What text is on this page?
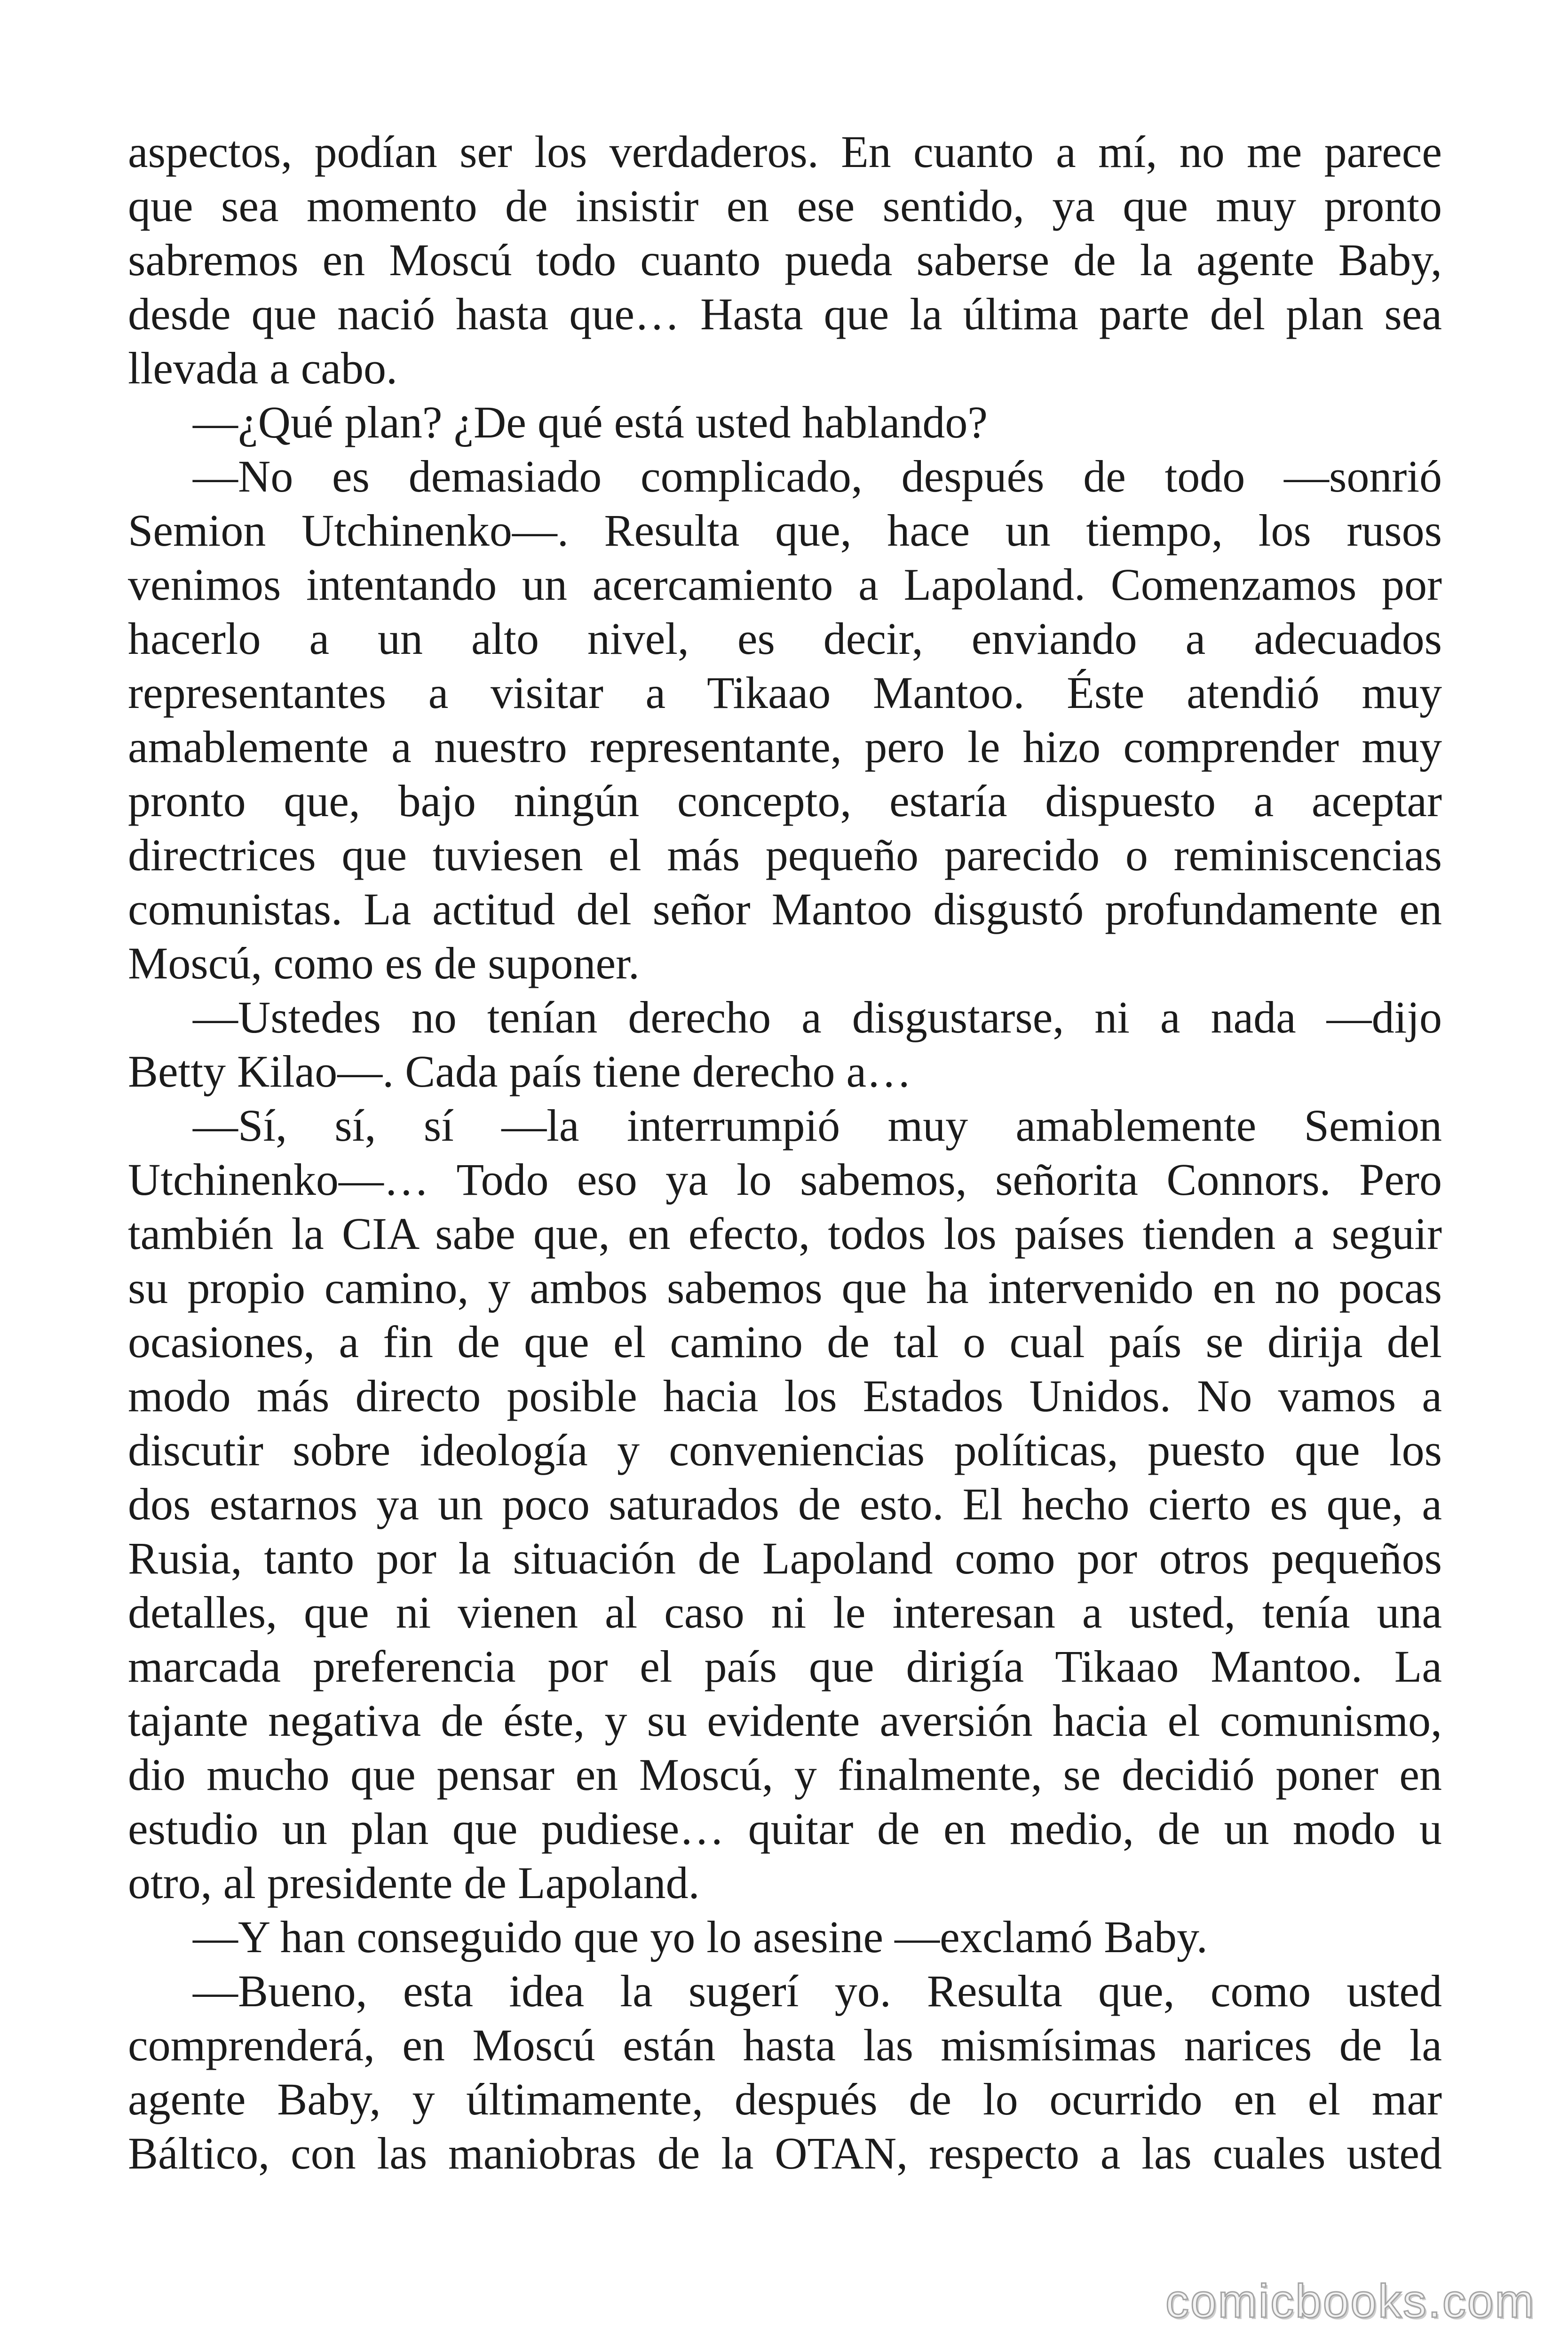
aspectos, podían ser los verdaderos. En cuanto a mí, no me parece
que sea momento de insistir en ese sentido, ya que muy pronto
sabremos en Moscú todo cuanto pueda saberse de la agente Baby,
desde que nació hasta que… Hasta que la última parte del plan sea
llevada a cabo.
—¿Qué plan? ¿De qué está usted hablando?
—No es demasiado complicado, después de todo —sonrió
Semion Utchinenko—. Resulta que, hace un tiempo, los rusos
venimos intentando un acercamiento a Lapoland. Comenzamos por
hacerlo a un alto nivel, es decir, enviando a adecuados
representantes a visitar a Tikaao Mantoo. Éste atendió muy
amablemente a nuestro representante, pero le hizo comprender muy
pronto que, bajo ningún concepto, estaría dispuesto a aceptar
directrices que tuviesen el más pequeño parecido o reminiscencias
comunistas. La actitud del señor Mantoo disgustó profundamente en
Moscú, como es de suponer.
—Ustedes no tenían derecho a disgustarse, ni a nada —dijo
Betty Kilao—. Cada país tiene derecho a…
—Sí, sí, sí —la interrumpió muy amablemente Semion
Utchinenko—… Todo eso ya lo sabemos, señorita Connors. Pero
también la CIA sabe que, en efecto, todos los países tienden a seguir
su propio camino, y ambos sabemos que ha intervenido en no pocas
ocasiones, a fin de que el camino de tal o cual país se dirija del
modo más directo posible hacia los Estados Unidos. No vamos a
discutir sobre ideología y conveniencias políticas, puesto que los
dos estarnos ya un poco saturados de esto. El hecho cierto es que, a
Rusia, tanto por la situación de Lapoland como por otros pequeños
detalles, que ni vienen al caso ni le interesan a usted, tenía una
marcada preferencia por el país que dirigía Tikaao Mantoo. La
tajante negativa de éste, y su evidente aversión hacia el comunismo,
dio mucho que pensar en Moscú, y finalmente, se decidió poner en
estudio un plan que pudiese… quitar de en medio, de un modo u
otro, al presidente de Lapoland.
—Y han conseguido que yo lo asesine —exclamó Baby.
—Bueno, esta idea la sugerí yo. Resulta que, como usted
comprenderá, en Moscú están hasta las mismísimas narices de la
agente Baby, y últimamente, después de lo ocurrido en el mar
Báltico, con las maniobras de la OTAN, respecto a las cuales usted
comicbooks.com
